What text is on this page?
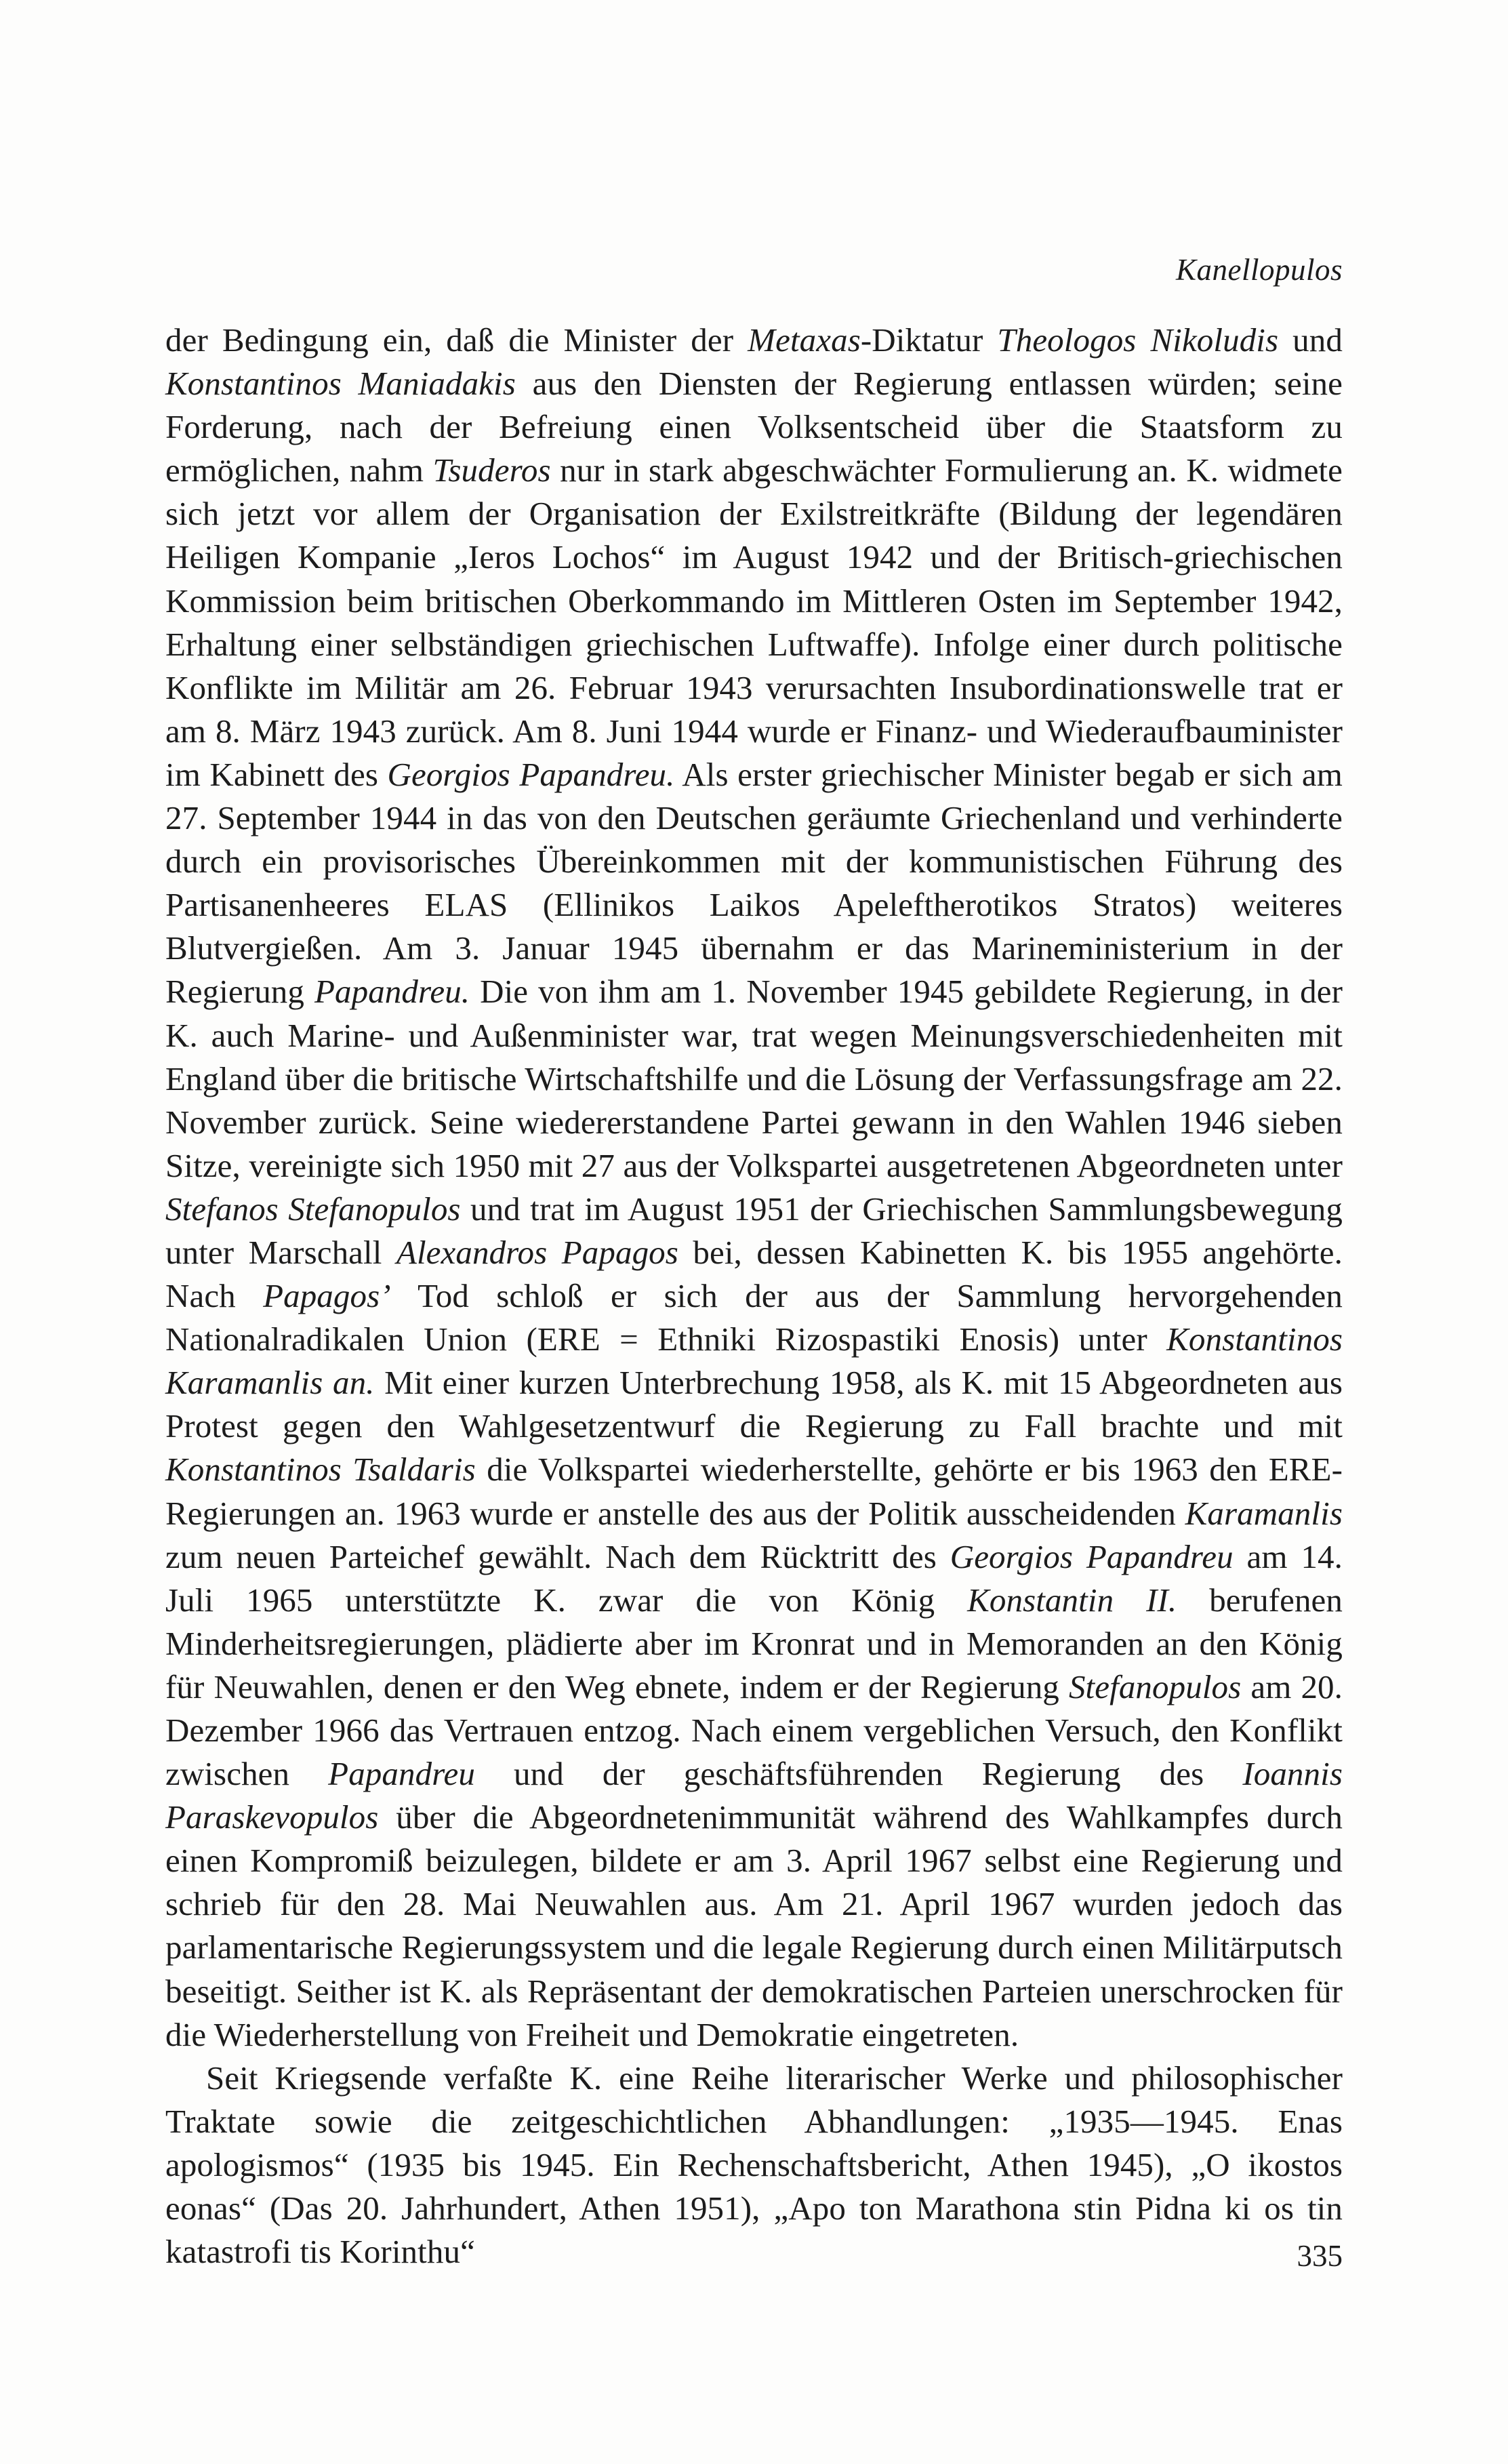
Kanellopulos

der Bedingung ein, daß die Minister der Metaxas-Diktatur Theologos Nikoludis und Konstantinos Maniadakis aus den Diensten der Regierung entlassen würden; seine Forderung, nach der Befreiung einen Volksentscheid über die Staatsform zu ermöglichen, nahm Tsuderos nur in stark abgeschwächter Formulierung an. K. widmete sich jetzt vor allem der Organisation der Exilstreitkräfte (Bildung der legendären Heiligen Kompanie „Ieros Lochos“ im August 1942 und der Britisch-griechischen Kommission beim britischen Oberkommando im Mittleren Osten im September 1942, Erhaltung einer selbständigen griechischen Luftwaffe). Infolge einer durch politische Konflikte im Militär am 26. Februar 1943 verursachten Insubordinationswelle trat er am 8. März 1943 zurück. Am 8. Juni 1944 wurde er Finanz- und Wiederaufbauminister im Kabinett des Georgios Papandreu. Als erster griechischer Minister begab er sich am 27. September 1944 in das von den Deutschen geräumte Griechenland und verhinderte durch ein provisorisches Übereinkommen mit der kommunistischen Führung des Partisanenheeres ELAS (Ellinikos Laikos Apeleftherotikos Stratos) weiteres Blutvergießen. Am 3. Januar 1945 übernahm er das Marineministerium in der Regierung Papandreu. Die von ihm am 1. November 1945 gebildete Regierung, in der K. auch Marine- und Außenminister war, trat wegen Meinungsverschiedenheiten mit England über die britische Wirtschaftshilfe und die Lösung der Verfassungsfrage am 22. November zurück. Seine wiedererstandene Partei gewann in den Wahlen 1946 sieben Sitze, vereinigte sich 1950 mit 27 aus der Volkspartei ausgetretenen Abgeordneten unter Stefanos Stefanopulos und trat im August 1951 der Griechischen Sammlungsbewegung unter Marschall Alexandros Papagos bei, dessen Kabinetten K. bis 1955 angehörte. Nach Papagos’ Tod schloß er sich der aus der Sammlung hervorgehenden Nationalradikalen Union (ERE = Ethniki Rizospastiki Enosis) unter Konstantinos Karamanlis an. Mit einer kurzen Unterbrechung 1958, als K. mit 15 Abgeordneten aus Protest gegen den Wahlgesetzentwurf die Regierung zu Fall brachte und mit Konstantinos Tsaldaris die Volkspartei wiederherstellte, gehörte er bis 1963 den ERE-Regierungen an. 1963 wurde er anstelle des aus der Politik ausscheidenden Karamanlis zum neuen Parteichef gewählt. Nach dem Rücktritt des Georgios Papandreu am 14. Juli 1965 unterstützte K. zwar die von König Konstantin II. berufenen Minderheitsregierungen, plädierte aber im Kronrat und in Memoranden an den König für Neuwahlen, denen er den Weg ebnete, indem er der Regierung Stefanopulos am 20. Dezember 1966 das Vertrauen entzog. Nach einem vergeblichen Versuch, den Konflikt zwischen Papandreu und der geschäftsführenden Regierung des Ioannis Paraskevopulos über die Abgeordnetenimmunität während des Wahlkampfes durch einen Kompromiß beizulegen, bildete er am 3. April 1967 selbst eine Regierung und schrieb für den 28. Mai Neuwahlen aus. Am 21. April 1967 wurden jedoch das parlamentarische Regierungssystem und die legale Regierung durch einen Militärputsch beseitigt. Seither ist K. als Repräsentant der demokratischen Parteien unerschrocken für die Wiederherstellung von Freiheit und Demokratie eingetreten.

Seit Kriegsende verfaßte K. eine Reihe literarischer Werke und philosophischer Traktate sowie die zeitgeschichtlichen Abhandlungen: „1935—1945. Enas apologismos“ (1935 bis 1945. Ein Rechenschaftsbericht, Athen 1945), „O ikostos eonas“ (Das 20. Jahrhundert, Athen 1951), „Apo ton Marathona stin Pidna ki os tin katastrofi tis Korinthu“	335
